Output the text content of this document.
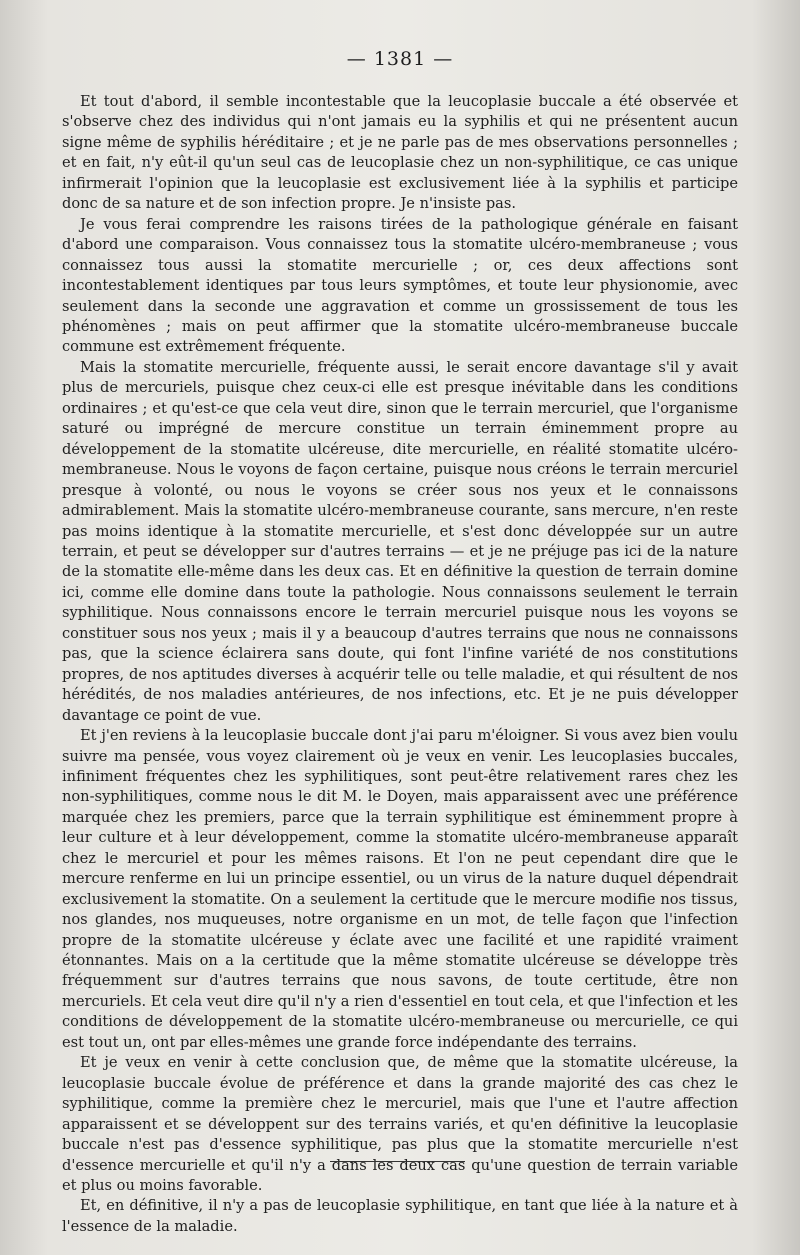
— 1381 —

Et tout d'abord, il semble incontestable que la leucoplasie buccale a été observée et s'observe chez des individus qui n'ont jamais eu la syphilis et qui ne présentent aucun signe même de syphilis héréditaire ; et je ne parle pas de mes observations personnelles ; et en fait, n'y eût-il qu'un seul cas de leucoplasie chez un non-syphilitique, ce cas unique infirmerait l'opinion que la leucoplasie est exclusivement liée à la syphilis et participe donc de sa nature et de son infection propre. Je n'insiste pas.

Je vous ferai comprendre les raisons tirées de la pathologique générale en faisant d'abord une comparaison. Vous connaissez tous la stomatite ulcéro-membraneuse ; vous connaissez tous aussi la stomatite mercurielle ; or, ces deux affections sont incontestablement identiques par tous leurs symptômes, et toute leur physionomie, avec seulement dans la seconde une aggravation et comme un grossissement de tous les phénomènes ; mais on peut affirmer que la stomatite ulcéro-membraneuse buccale commune est extrêmement fréquente.

Mais la stomatite mercurielle, fréquente aussi, le serait encore davantage s'il y avait plus de mercuriels, puisque chez ceux-ci elle est presque inévitable dans les conditions ordinaires ; et qu'est-ce que cela veut dire, sinon que le terrain mercuriel, que l'organisme saturé ou imprégné de mercure constitue un terrain éminemment propre au développement de la stomatite ulcéreuse, dite mercurielle, en réalité stomatite ulcéro-membraneuse. Nous le voyons de façon certaine, puisque nous créons le terrain mercuriel presque à volonté, ou nous le voyons se créer sous nos yeux et le connaissons admirablement. Mais la stomatite ulcéro-membraneuse courante, sans mercure, n'en reste pas moins identique à la stomatite mercurielle, et s'est donc développée sur un autre terrain, et peut se développer sur d'autres terrains — et je ne préjuge pas ici de la nature de la stomatite elle-même dans les deux cas. Et en définitive la question de terrain domine ici, comme elle domine dans toute la pathologie. Nous connaissons seulement le terrain syphilitique. Nous connaissons encore le terrain mercuriel puisque nous les voyons se constituer sous nos yeux ; mais il y a beaucoup d'autres terrains que nous ne connaissons pas, que la science éclairera sans doute, qui font l'infine variété de nos constitutions propres, de nos aptitudes diverses à acquérir telle ou telle maladie, et qui résultent de nos hérédités, de nos maladies antérieures, de nos infections, etc. Et je ne puis développer davantage ce point de vue.

Et j'en reviens à la leucoplasie buccale dont j'ai paru m'éloigner. Si vous avez bien voulu suivre ma pensée, vous voyez clairement où je veux en venir. Les leucoplasies buccales, infiniment fréquentes chez les syphilitiques, sont peut-être relativement rares chez les non-syphilitiques, comme nous le dit M. le Doyen, mais apparaissent avec une préférence marquée chez les premiers, parce que la terrain syphilitique est éminemment propre à leur culture et à leur développement, comme la stomatite ulcéro-membraneuse apparaît chez le mercuriel et pour les mêmes raisons. Et l'on ne peut cependant dire que le mercure renferme en lui un principe essentiel, ou un virus de la nature duquel dépendrait exclusivement la stomatite. On a seulement la certitude que le mercure modifie nos tissus, nos glandes, nos muqueuses, notre organisme en un mot, de telle façon que l'infection propre de la stomatite ulcéreuse y éclate avec une facilité et une rapidité vraiment étonnantes. Mais on a la certitude que la même stomatite ulcéreuse se développe très fréquemment sur d'autres terrains que nous savons, de toute certitude, être non mercuriels. Et cela veut dire qu'il n'y a rien d'essentiel en tout cela, et que l'infection et les conditions de développement de la stomatite ulcéro-membraneuse ou mercurielle, ce qui est tout un, ont par elles-mêmes une grande force indépendante des terrains.

Et je veux en venir à cette conclusion que, de même que la stomatite ulcéreuse, la leucoplasie buccale évolue de préférence et dans la grande majorité des cas chez le syphilitique, comme la première chez le mercuriel, mais que l'une et l'autre affection apparaissent et se développent sur des terrains variés, et qu'en définitive la leucoplasie buccale n'est pas d'essence syphilitique, pas plus que la stomatite mercurielle n'est d'essence mercurielle et qu'il n'y a dans les deux cas qu'une question de terrain variable et plus ou moins favorable.

Et, en définitive, il n'y a pas de leucoplasie syphilitique, en tant que liée à la nature et à l'essence de la maladie.
